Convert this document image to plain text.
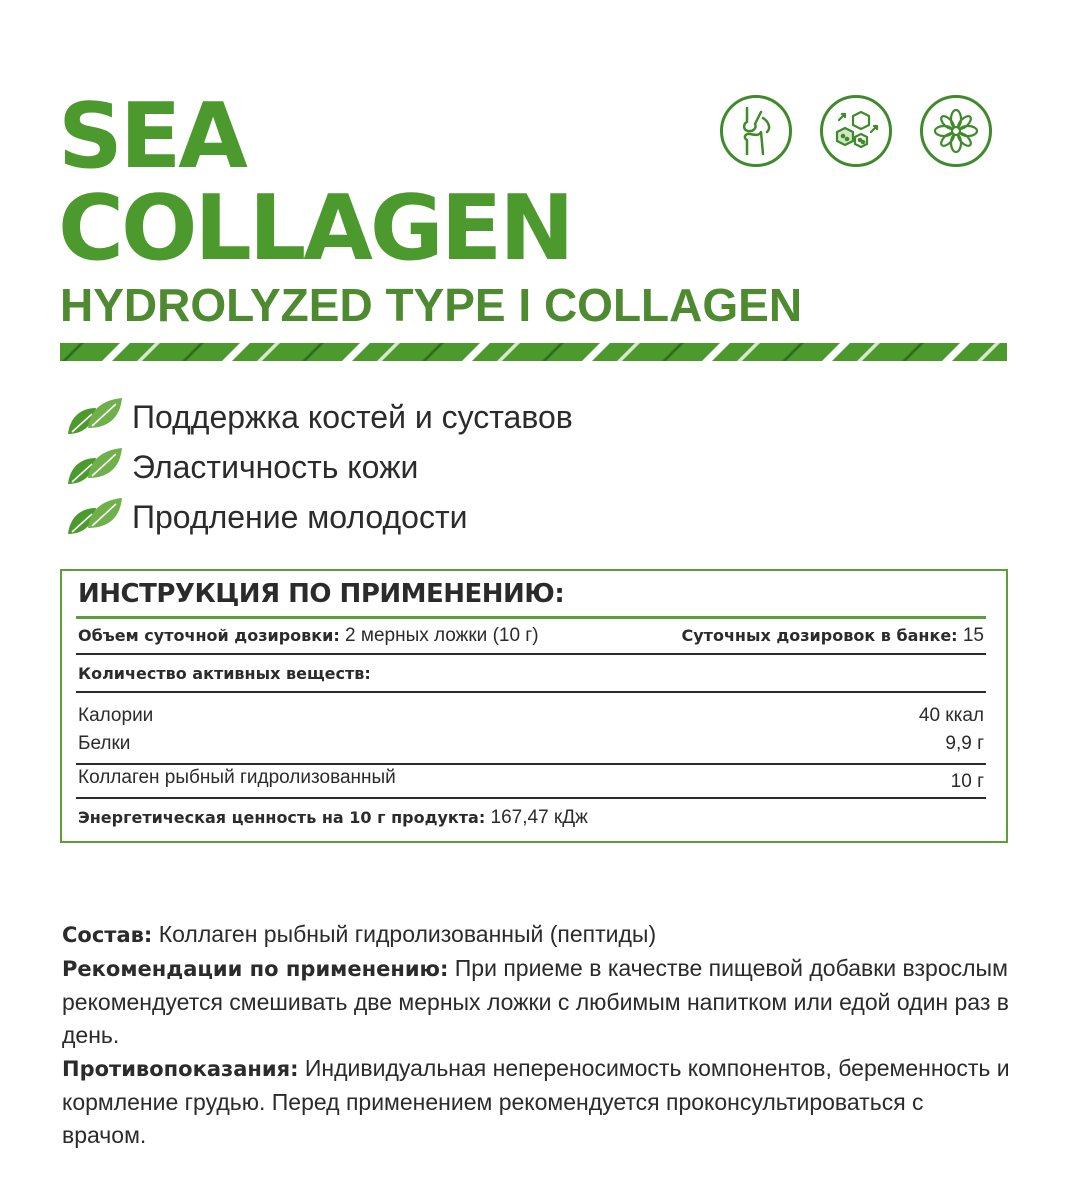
SEA
COLLAGEN
HYDROLYZED TYPE I COLLAGEN
Поддержка костей и суставов
Эластичность кожи
Продление молодости
ИНСТРУКЦИЯ ПО ПРИМЕНЕНИЮ:
Объем суточной дозировки: 2 мерных ложки (10 г)	Суточных дозировок в банке: 15
Количество активных веществ:
Калории	40 ккал
Белки	9,9 г
Коллаген рыбный гидролизованный	10 г
Энергетическая ценность на 10 г продукта: 167,47 кДж

Состав: Коллаген рыбный гидролизованный (пептиды)

Рекомендации по применению: При приеме в качестве пищевой добавки взрослым рекомендуется смешивать две мерных ложки с любимым напитком или едой один раз в день.

Противопоказания: Индивидуальная непереносимость компонентов, беременность и кормление грудью. Перед применением рекомендуется проконсультироваться с врачом.
